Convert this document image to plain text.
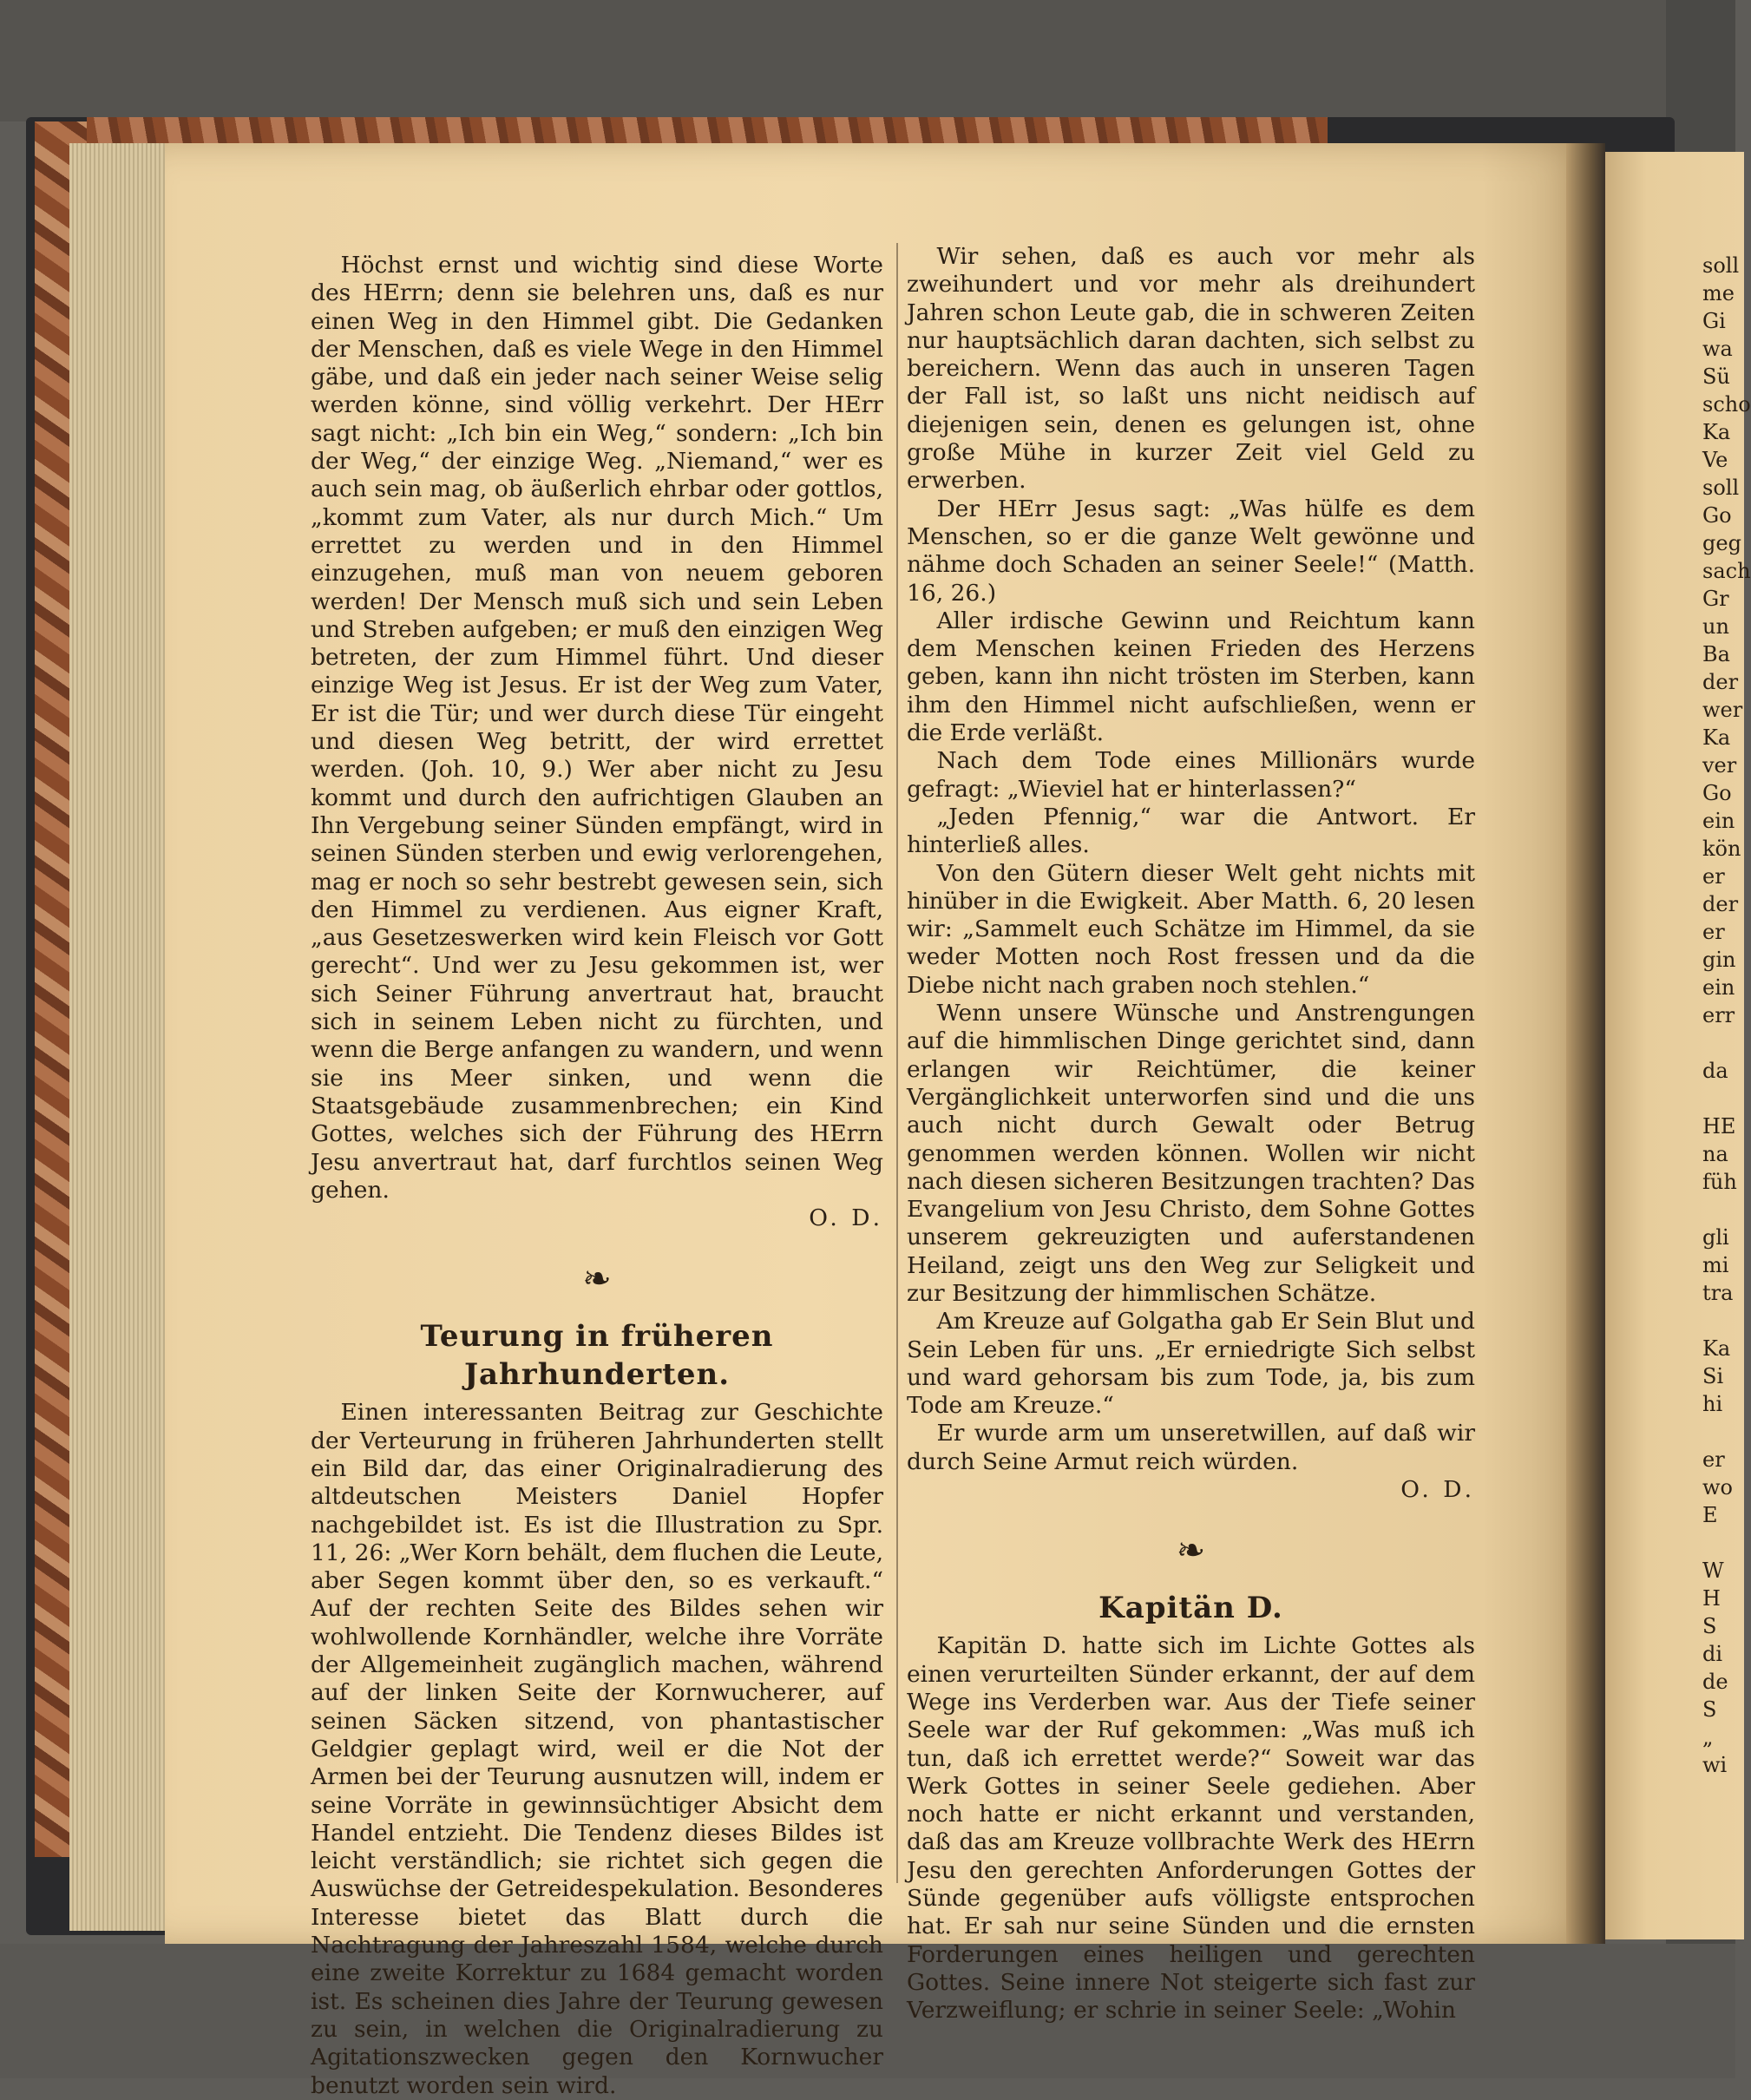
Höchst ernst und wichtig sind diese Worte des HErrn; denn sie belehren uns, daß es nur einen Weg in den Himmel gibt. Die Gedanken der Menschen, daß es viele Wege in den Himmel gäbe, und daß ein jeder nach seiner Weise selig werden könne, sind völlig verkehrt. Der HErr sagt nicht: „Ich bin ein Weg,“ sondern: „Ich bin der Weg,“ der einzige Weg. „Niemand,“ wer es auch sein mag, ob äußerlich ehrbar oder gottlos, „kommt zum Vater, als nur durch Mich.“ Um errettet zu werden und in den Himmel einzugehen, muß man von neuem geboren werden! Der Mensch muß sich und sein Leben und Streben aufgeben; er muß den einzigen Weg betreten, der zum Himmel führt. Und dieser einzige Weg ist Jesus. Er ist der Weg zum Vater, Er ist die Tür; und wer durch diese Tür eingeht und diesen Weg betritt, der wird errettet werden. (Joh. 10, 9.) Wer aber nicht zu Jesu kommt und durch den aufrichtigen Glauben an Ihn Vergebung seiner Sünden empfängt, wird in seinen Sünden sterben und ewig verlorengehen, mag er noch so sehr bestrebt gewesen sein, sich den Himmel zu verdienen. Aus eigner Kraft, „aus Gesetzeswerken wird kein Fleisch vor Gott gerecht“. Und wer zu Jesu gekommen ist, wer sich Seiner Führung anvertraut hat, braucht sich in seinem Leben nicht zu fürchten, und wenn die Berge anfangen zu wandern, und wenn sie ins Meer sinken, und wenn die Staatsgebäude zusammenbrechen; ein Kind Gottes, welches sich der Führung des HErrn Jesu anvertraut hat, darf furchtlos seinen Weg gehen.

O. D.
❧
Teurung in früheren Jahrhunderten.

Einen interessanten Beitrag zur Geschichte der Verteurung in früheren Jahrhunderten stellt ein Bild dar, das einer Originalradierung des altdeutschen Meisters Daniel Hopfer nachgebildet ist. Es ist die Illustration zu Spr. 11, 26: „Wer Korn behält, dem fluchen die Leute, aber Segen kommt über den, so es verkauft.“ Auf der rechten Seite des Bildes sehen wir wohlwollende Kornhändler, welche ihre Vorräte der Allgemeinheit zugänglich machen, während auf der linken Seite der Kornwucherer, auf seinen Säcken sitzend, von phantastischer Geldgier geplagt wird, weil er die Not der Armen bei der Teurung ausnutzen will, indem er seine Vorräte in gewinnsüchtiger Absicht dem Handel entzieht. Die Tendenz dieses Bildes ist leicht verständlich; sie richtet sich gegen die Auswüchse der Getreidespekulation. Besonderes Interesse bietet das Blatt durch die Nachtragung der Jahreszahl 1584, welche durch eine zweite Korrektur zu 1684 gemacht worden ist. Es scheinen dies Jahre der Teurung gewesen zu sein, in welchen die Originalradierung zu Agitationszwecken gegen den Kornwucher benutzt worden sein wird.

Wir sehen, daß es auch vor mehr als zweihundert und vor mehr als dreihundert Jahren schon Leute gab, die in schweren Zeiten nur hauptsächlich daran dachten, sich selbst zu bereichern. Wenn das auch in unseren Tagen der Fall ist, so laßt uns nicht neidisch auf diejenigen sein, denen es gelungen ist, ohne große Mühe in kurzer Zeit viel Geld zu erwerben.

Der HErr Jesus sagt: „Was hülfe es dem Menschen, so er die ganze Welt gewönne und nähme doch Schaden an seiner Seele!“ (Matth. 16, 26.)

Aller irdische Gewinn und Reichtum kann dem Menschen keinen Frieden des Herzens geben, kann ihn nicht trösten im Sterben, kann ihm den Himmel nicht aufschließen, wenn er die Erde verläßt.

Nach dem Tode eines Millionärs wurde gefragt: „Wieviel hat er hinterlassen?“

„Jeden Pfennig,“ war die Antwort. Er hinterließ alles.

Von den Gütern dieser Welt geht nichts mit hinüber in die Ewigkeit. Aber Matth. 6, 20 lesen wir: „Sammelt euch Schätze im Himmel, da sie weder Motten noch Rost fressen und da die Diebe nicht nach graben noch stehlen.“

Wenn unsere Wünsche und Anstrengungen auf die himmlischen Dinge gerichtet sind, dann erlangen wir Reichtümer, die keiner Vergänglichkeit unterworfen sind und die uns auch nicht durch Gewalt oder Betrug genommen werden können. Wollen wir nicht nach diesen sicheren Besitzungen trachten? Das Evangelium von Jesu Christo, dem Sohne Gottes unserem gekreuzigten und auferstandenen Heiland, zeigt uns den Weg zur Seligkeit und zur Besitzung der himmlischen Schätze.

Am Kreuze auf Golgatha gab Er Sein Blut und Sein Leben für uns. „Er erniedrigte Sich selbst und ward gehorsam bis zum Tode, ja, bis zum Tode am Kreuze.“

Er wurde arm um unseretwillen, auf daß wir durch Seine Armut reich würden.

O. D.
❧
Kapitän D.

Kapitän D. hatte sich im Lichte Gottes als einen verurteilten Sünder erkannt, der auf dem Wege ins Verderben war. Aus der Tiefe seiner Seele war der Ruf gekommen: „Was muß ich tun, daß ich errettet werde?“ Soweit war das Werk Gottes in seiner Seele gediehen. Aber noch hatte er nicht erkannt und verstanden, daß das am Kreuze vollbrachte Werk des HErrn Jesu den gerechten Anforderungen Gottes der Sünde gegenüber aufs völligste entsprochen hat. Er sah nur seine Sünden und die ernsten Forderungen eines heiligen und gerechten Gottes. Seine innere Not steigerte sich fast zur Verzweiflung; er schrie in seiner Seele: „Wohin

soll
me
Gi
wa
Sü
scho
Ka
Ve
soll
Go
geg
sach
Gr
un
Ba
der
wer
Ka
ver
Go
ein
kön
er
der
er
gin
ein
err

da

HE
na
füh

gli
mi
tra

Ka
Si
hi

er
wo
E

W
H
S
di
de
S
„
wi
